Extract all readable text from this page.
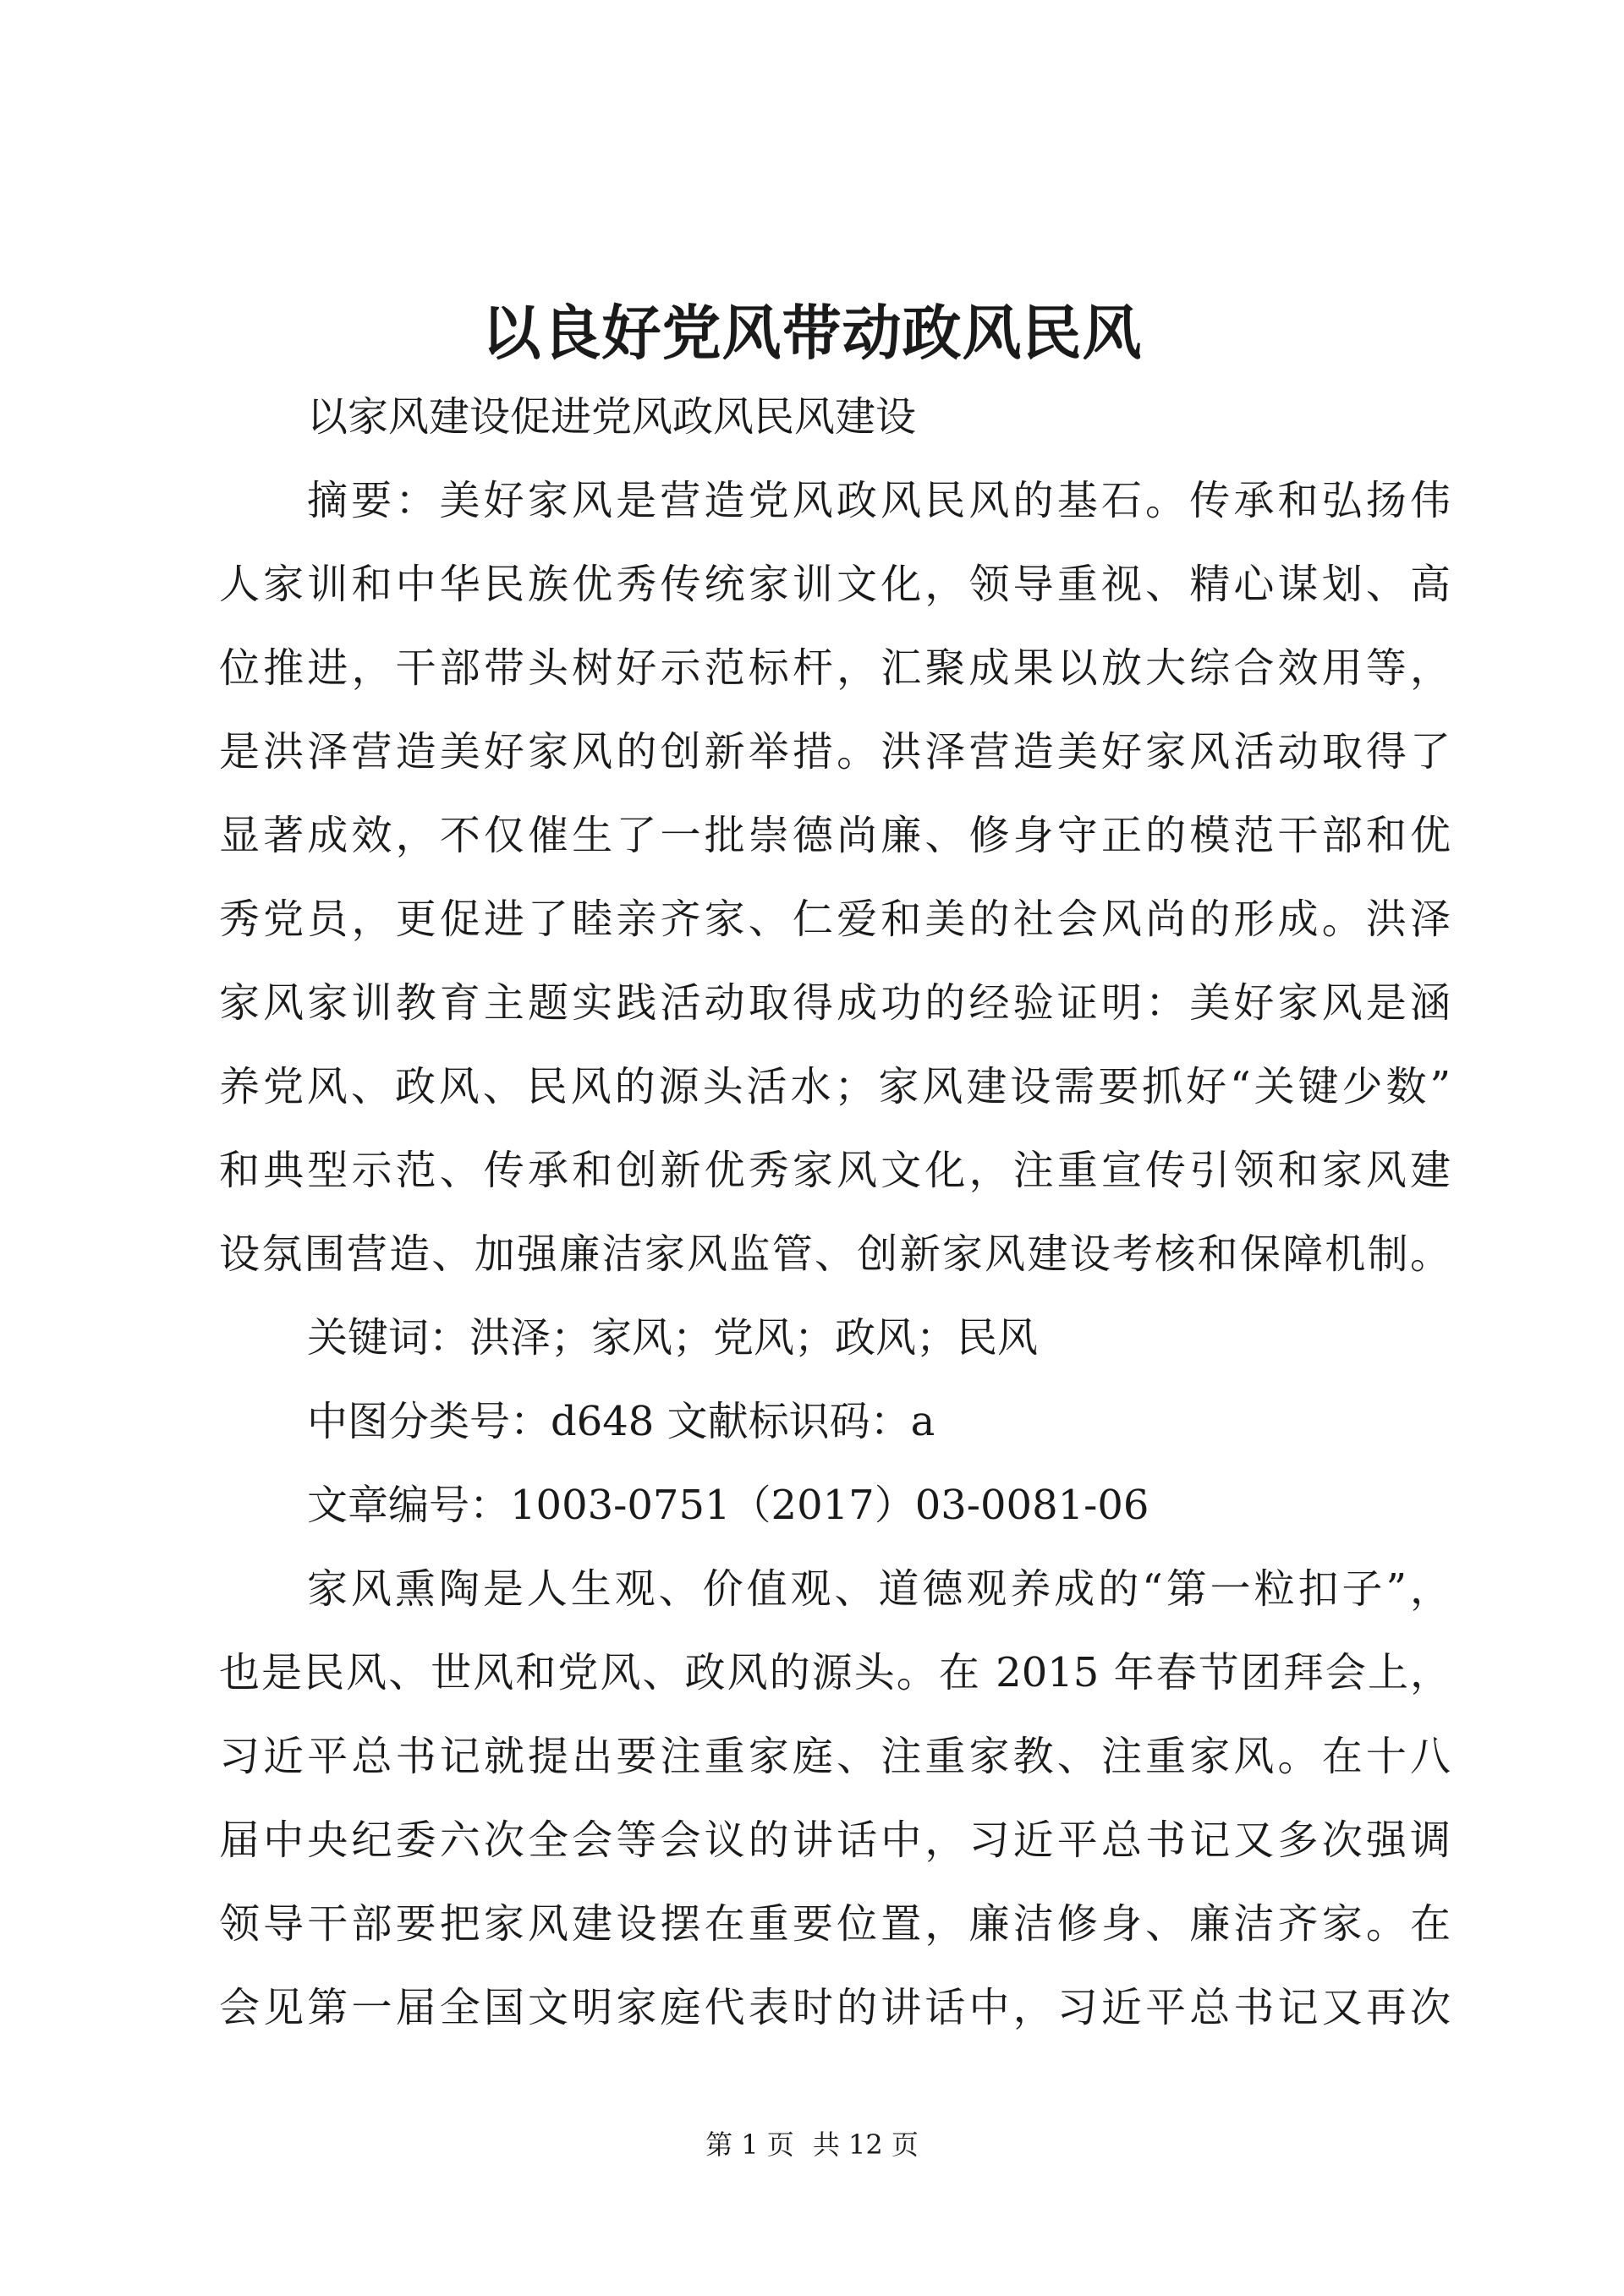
以良好党风带动政风民风
以家风建设促进党风政风民风建设
摘要：美好家风是营造党风政风民风的基石。传承和弘扬伟
人家训和中华民族优秀传统家训文化，领导重视、精心谋划、高
位推进，干部带头树好示范标杆，汇聚成果以放大综合效用等，
是洪泽营造美好家风的创新举措。洪泽营造美好家风活动取得了
显著成效，不仅催生了一批崇德尚廉、修身守正的模范干部和优
秀党员，更促进了睦亲齐家、仁爱和美的社会风尚的形成。洪泽
家风家训教育主题实践活动取得成功的经验证明：美好家风是涵
养党风、政风、民风的源头活水；家风建设需要抓好“关键少数”
和典型示范、传承和创新优秀家风文化，注重宣传引领和家风建
设氛围营造、加强廉洁家风监管、创新家风建设考核和保障机制。
关键词：洪泽；家风；党风；政风；民风
中图分类号：d648 文献标识码：a
文章编号：1003-0751（2017）03-0081-06
家风熏陶是人生观、价值观、道德观养成的“第一粒扣子”，
也是民风、世风和党风、政风的源头。在 2015 年春节团拜会上，
习近平总书记就提出要注重家庭、注重家教、注重家风。在十八
届中央纪委六次全会等会议的讲话中，习近平总书记又多次强调
领导干部要把家风建设摆在重要位置，廉洁修身、廉洁齐家。在
会见第一届全国文明家庭代表时的讲话中，习近平总书记又再次
第 1 页 共 12 页
